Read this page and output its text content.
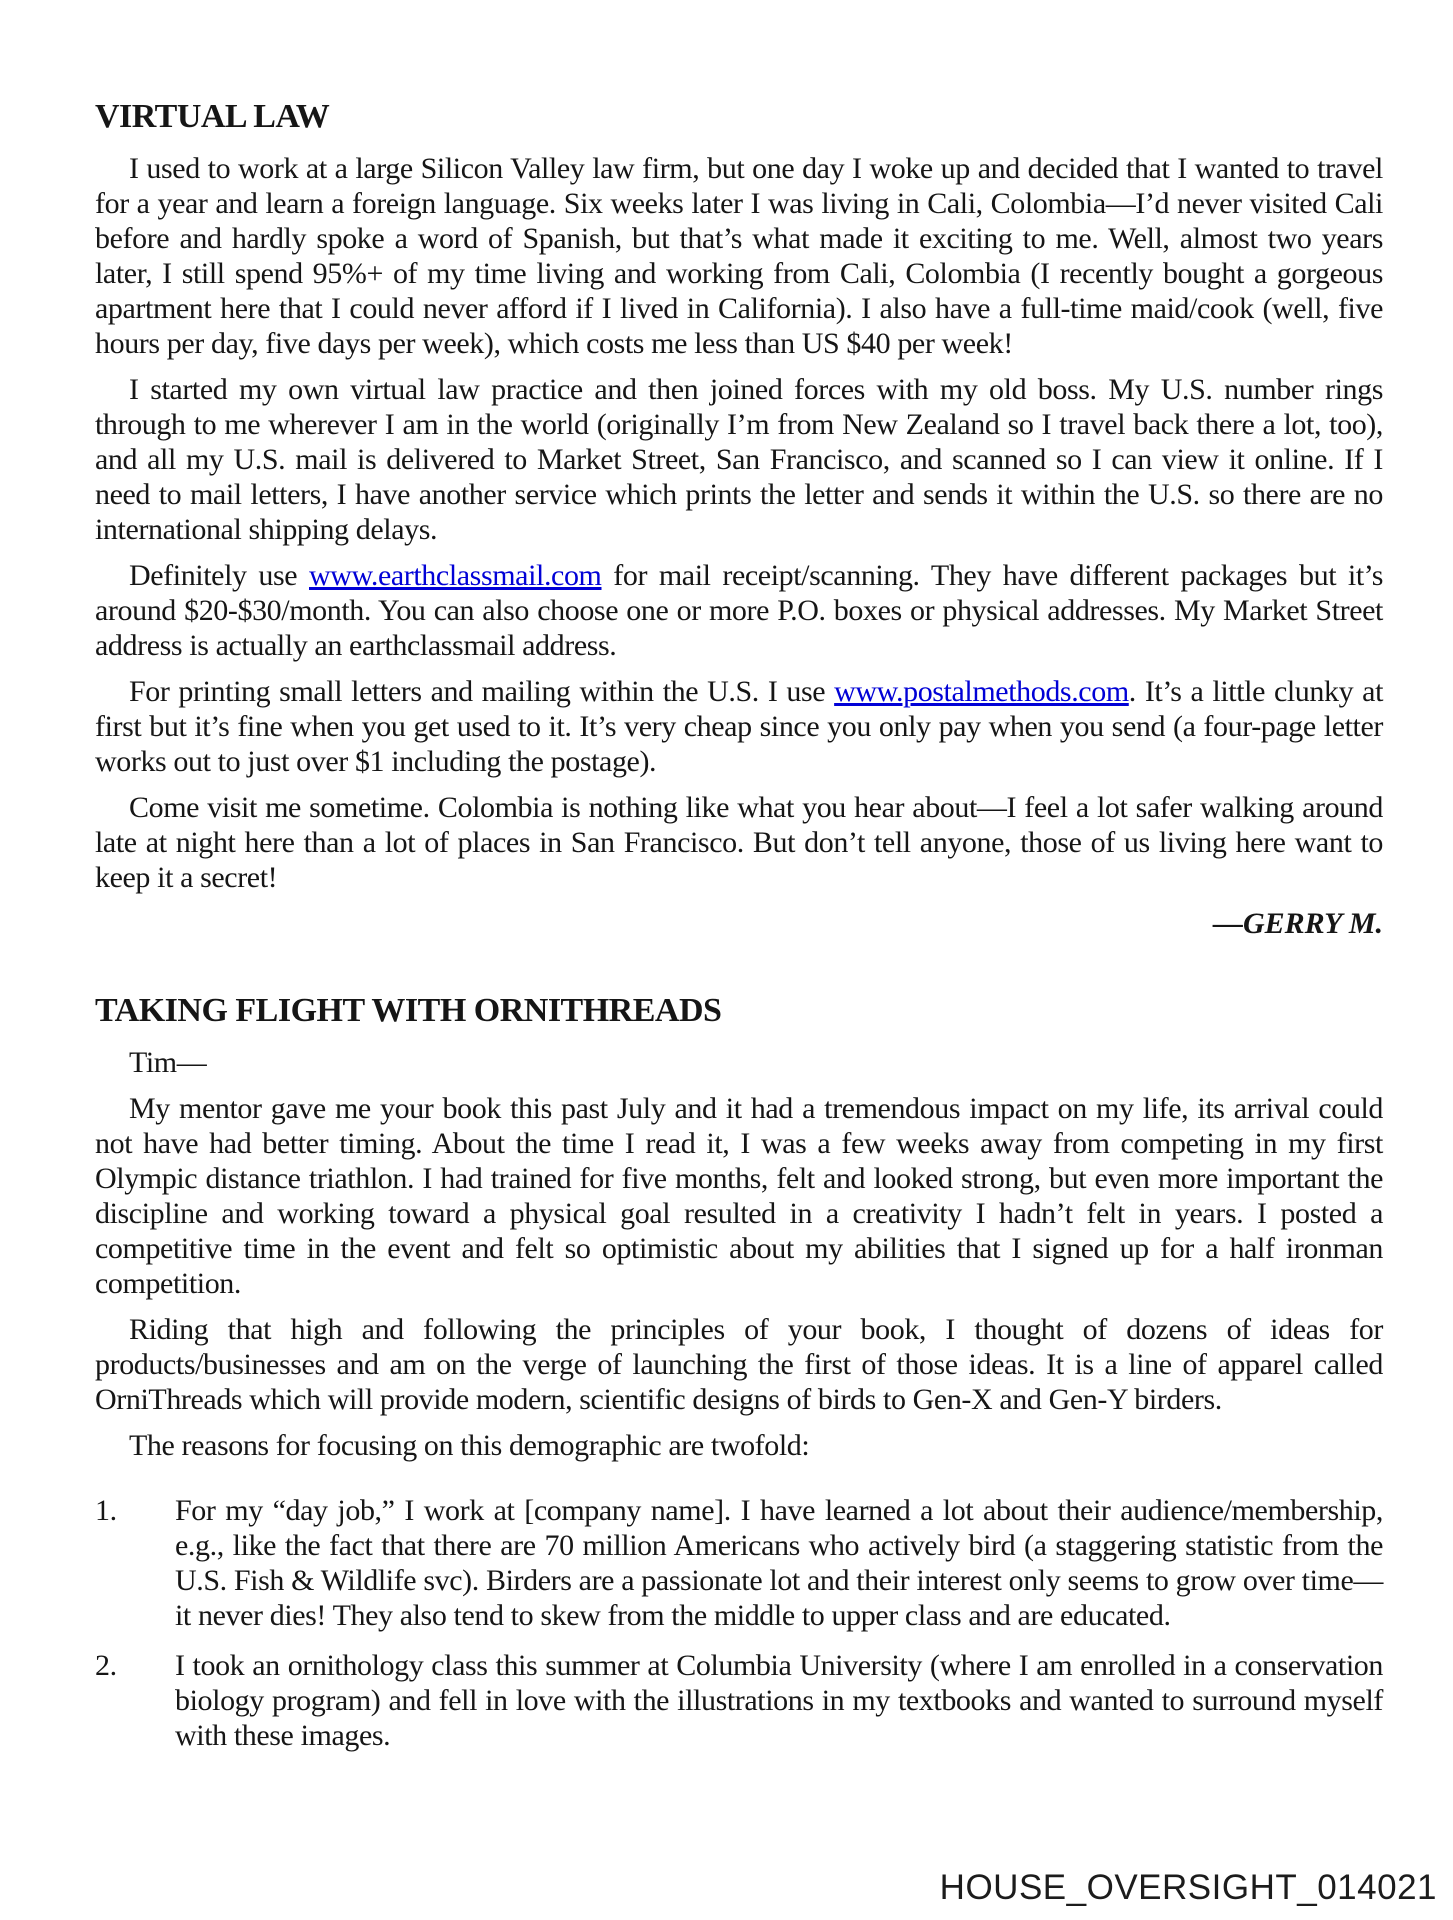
VIRTUAL LAW

I used to work at a large Silicon Valley law firm, but one day I woke up and decided that I wanted to travel for a year and learn a foreign language. Six weeks later I was living in Cali, Colombia—I’d never visited Cali before and hardly spoke a word of Spanish, but that’s what made it exciting to me. Well, almost two years later, I still spend 95%+ of my time living and working from Cali, Colombia (I recently bought a gorgeous apartment here that I could never afford if I lived in California). I also have a full-time maid/cook (well, five hours per day, five days per week), which costs me less than US $40 per week!

I started my own virtual law practice and then joined forces with my old boss. My U.S. number rings through to me wherever I am in the world (originally I’m from New Zealand so I travel back there a lot, too), and all my U.S. mail is delivered to Market Street, San Francisco, and scanned so I can view it online. If I need to mail letters, I have another service which prints the letter and sends it within the U.S. so there are no international shipping delays.

Definitely use www.earthclassmail.com for mail receipt/scanning. They have different packages but it’s around $20-$30/month. You can also choose one or more P.O. boxes or physical addresses. My Market Street address is actually an earthclassmail address.

For printing small letters and mailing within the U.S. I use www.postalmethods.com. It’s a little clunky at first but it’s fine when you get used to it. It’s very cheap since you only pay when you send (a four-page letter works out to just over $1 including the postage).

Come visit me sometime. Colombia is nothing like what you hear about—I feel a lot safer walking around late at night here than a lot of places in San Francisco. But don’t tell anyone, those of us living here want to keep it a secret!

—GERRY M.

TAKING FLIGHT WITH ORNITHREADS

Tim—

My mentor gave me your book this past July and it had a tremendous impact on my life, its arrival could not have had better timing. About the time I read it, I was a few weeks away from competing in my first Olympic distance triathlon. I had trained for five months, felt and looked strong, but even more important the discipline and working toward a physical goal resulted in a creativity I hadn’t felt in years. I posted a competitive time in the event and felt so optimistic about my abilities that I signed up for a half ironman competition.

Riding that high and following the principles of your book, I thought of dozens of ideas for products/businesses and am on the verge of launching the first of those ideas. It is a line of apparel called OrniThreads which will provide modern, scientific designs of birds to Gen-X and Gen-Y birders.

The reasons for focusing on this demographic are twofold:

1. For my “day job,” I work at [company name]. I have learned a lot about their audience/membership, e.g., like the fact that there are 70 million Americans who actively bird (a staggering statistic from the U.S. Fish & Wildlife svc). Birders are a passionate lot and their interest only seems to grow over time—it never dies! They also tend to skew from the middle to upper class and are educated.
2. I took an ornithology class this summer at Columbia University (where I am enrolled in a conservation biology program) and fell in love with the illustrations in my textbooks and wanted to surround myself with these images.
HOUSE_OVERSIGHT_014021
